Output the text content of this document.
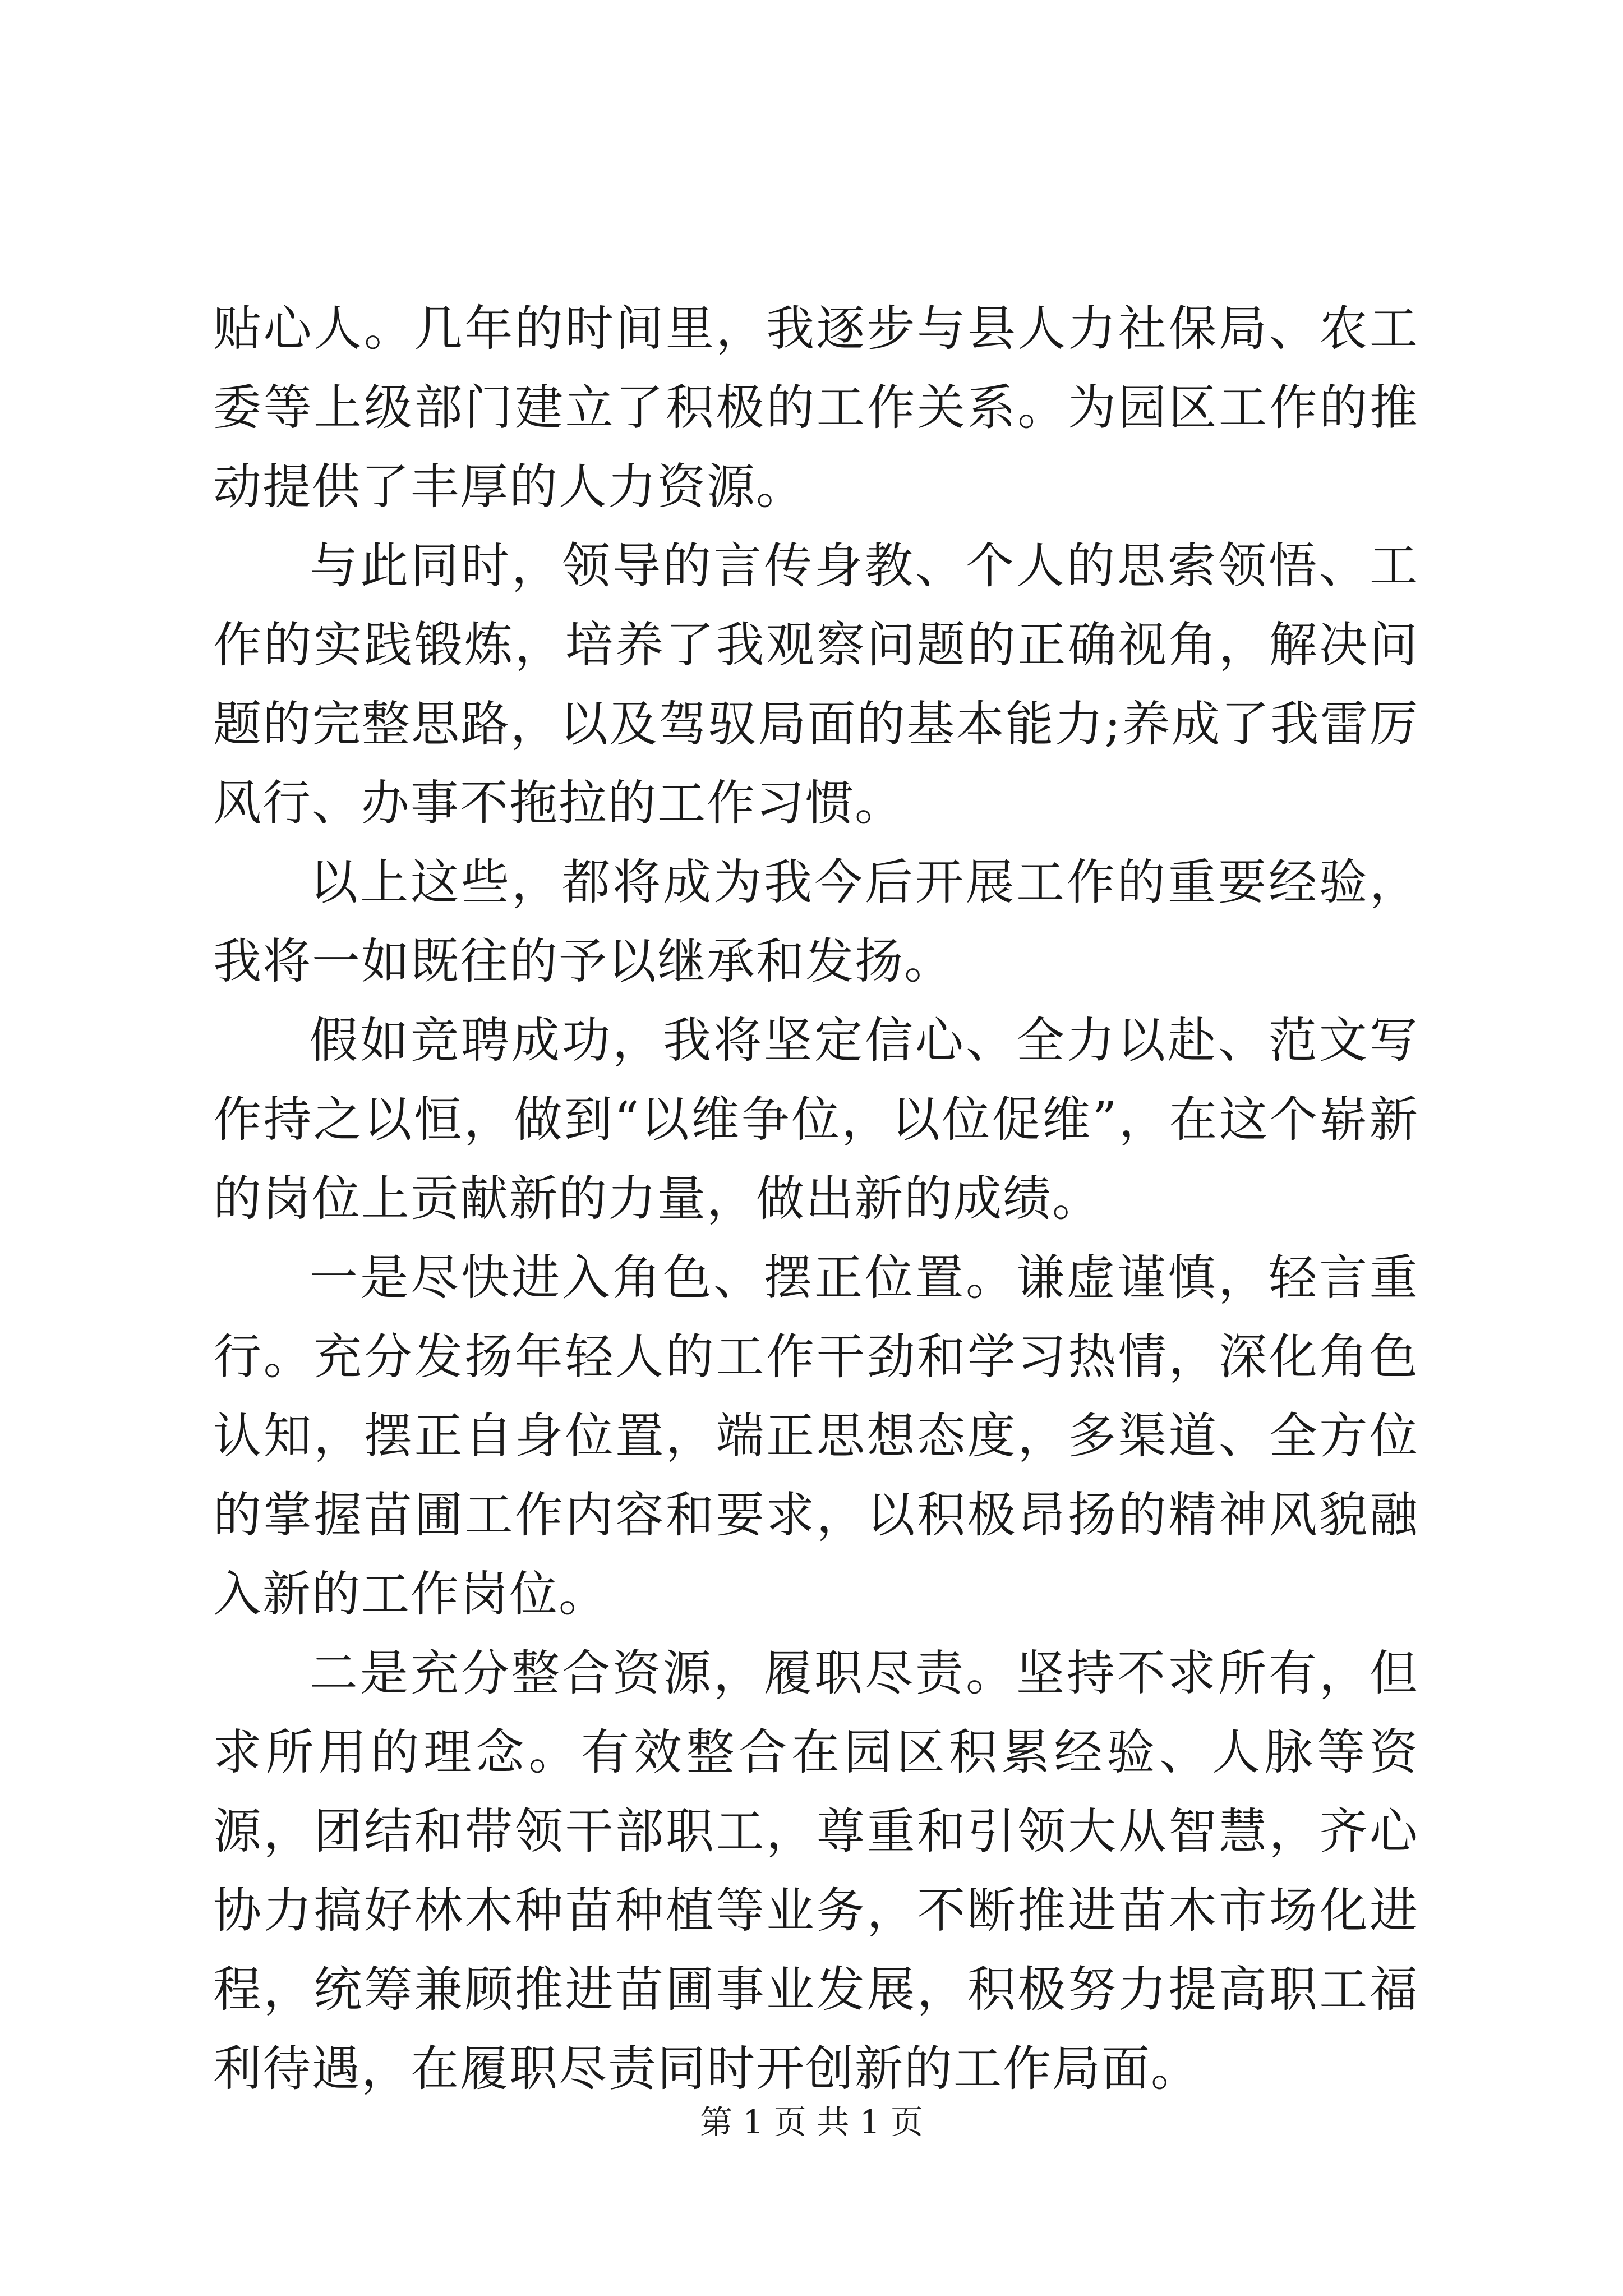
贴心人。几年的时间里，我逐步与县人力社保局、农工委等上级部门建立了积极的工作关系。为园区工作的推动提供了丰厚的人力资源。

与此同时，领导的言传身教、个人的思索领悟、工作的实践锻炼，培养了我观察问题的正确视角，解决问题的完整思路，以及驾驭局面的基本能力;养成了我雷厉风行、办事不拖拉的工作习惯。

以上这些，都将成为我今后开展工作的重要经验，我将一如既往的予以继承和发扬。

假如竞聘成功，我将坚定信心、全力以赴、范文写作持之以恒，做到“以维争位，以位促维”，在这个崭新的岗位上贡献新的力量，做出新的成绩。

一是尽快进入角色、摆正位置。谦虚谨慎，轻言重行。充分发扬年轻人的工作干劲和学习热情，深化角色认知，摆正自身位置，端正思想态度，多渠道、全方位的掌握苗圃工作内容和要求，以积极昂扬的精神风貌融入新的工作岗位。

二是充分整合资源，履职尽责。坚持不求所有，但求所用的理念。有效整合在园区积累经验、人脉等资源，团结和带领干部职工，尊重和引领大从智慧，齐心协力搞好林木种苗种植等业务，不断推进苗木市场化进程，统筹兼顾推进苗圃事业发展，积极努力提高职工福利待遇，在履职尽责同时开创新的工作局面。

第 1 页 共 1 页
